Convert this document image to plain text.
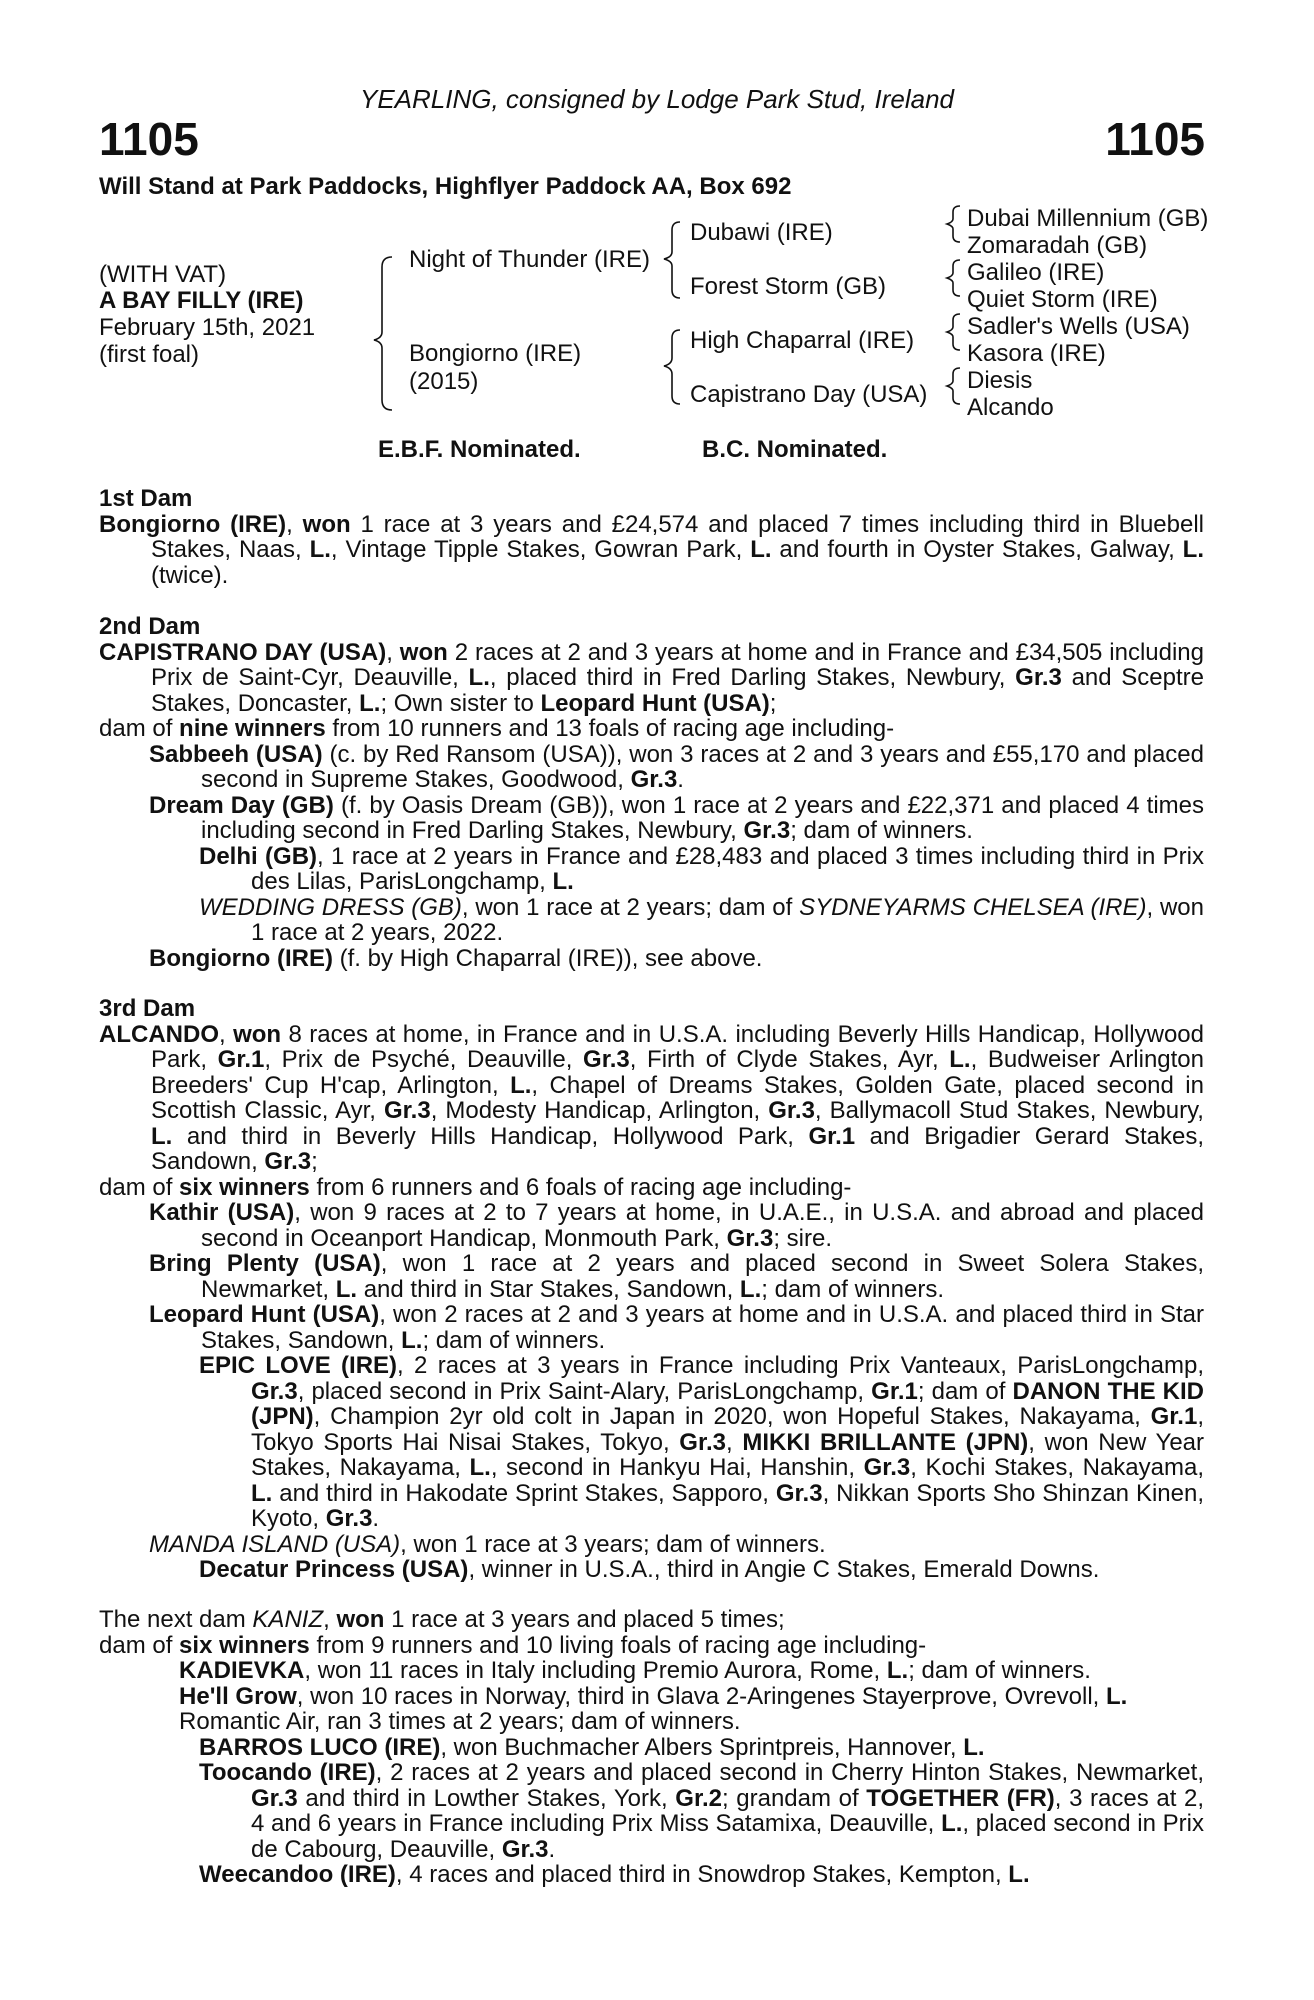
YEARLING, consigned by Lodge Park Stud, Ireland
1105	1105
Will Stand at Park Paddocks, Highflyer Paddock AA, Box 692
(WITH VAT)
A BAY FILLY (IRE)
February 15th, 2021
(first foal)
Night of Thunder (IRE)
Bongiorno (IRE)
(2015)
Dubawi (IRE)
Forest Storm (GB)
High Chaparral (IRE)
Capistrano Day (USA)
Dubai Millennium (GB)
Zomaradah (GB)
Galileo (IRE)
Quiet Storm (IRE)
Sadler's Wells (USA)
Kasora (IRE)
Diesis
Alcando
E.B.F. Nominated.	B.C. Nominated.
1st Dam

Bongiorno (IRE), won 1 race at 3 years and £24,574 and placed 7 times including third in Bluebell Stakes, Naas, L., Vintage Tipple Stakes, Gowran Park, L. and fourth in Oyster Stakes, Galway, L. (twice).

2nd Dam

CAPISTRANO DAY (USA), won 2 races at 2 and 3 years at home and in France and £34,505 including Prix de Saint-Cyr, Deauville, L., placed third in Fred Darling Stakes, Newbury, Gr.3 and Sceptre Stakes, Doncaster, L.; Own sister to Leopard Hunt (USA);

dam of nine winners from 10 runners and 13 foals of racing age including-

Sabbeeh (USA) (c. by Red Ransom (USA)), won 3 races at 2 and 3 years and £55,170 and placed second in Supreme Stakes, Goodwood, Gr.3.

Dream Day (GB) (f. by Oasis Dream (GB)), won 1 race at 2 years and £22,371 and placed 4 times including second in Fred Darling Stakes, Newbury, Gr.3; dam of winners.

Delhi (GB), 1 race at 2 years in France and £28,483 and placed 3 times including third in Prix des Lilas, ParisLongchamp, L.

WEDDING DRESS (GB), won 1 race at 2 years; dam of SYDNEYARMS CHELSEA (IRE), won 1 race at 2 years, 2022.

Bongiorno (IRE) (f. by High Chaparral (IRE)), see above.

3rd Dam

ALCANDO, won 8 races at home, in France and in U.S.A. including Beverly Hills Handicap, Hollywood Park, Gr.1, Prix de Psyché, Deauville, Gr.3, Firth of Clyde Stakes, Ayr, L., Budweiser Arlington Breeders' Cup H'cap, Arlington, L., Chapel of Dreams Stakes, Golden Gate, placed second in Scottish Classic, Ayr, Gr.3, Modesty Handicap, Arlington, Gr.3, Ballymacoll Stud Stakes, Newbury, L. and third in Beverly Hills Handicap, Hollywood Park, Gr.1 and Brigadier Gerard Stakes, Sandown, Gr.3;

dam of six winners from 6 runners and 6 foals of racing age including-

Kathir (USA), won 9 races at 2 to 7 years at home, in U.A.E., in U.S.A. and abroad and placed second in Oceanport Handicap, Monmouth Park, Gr.3; sire.

Bring Plenty (USA), won 1 race at 2 years and placed second in Sweet Solera Stakes, Newmarket, L. and third in Star Stakes, Sandown, L.; dam of winners.

Leopard Hunt (USA), won 2 races at 2 and 3 years at home and in U.S.A. and placed third in Star Stakes, Sandown, L.; dam of winners.

EPIC LOVE (IRE), 2 races at 3 years in France including Prix Vanteaux, ParisLongchamp, Gr.3, placed second in Prix Saint-Alary, ParisLongchamp, Gr.1; dam of DANON THE KID (JPN), Champion 2yr old colt in Japan in 2020, won Hopeful Stakes, Nakayama, Gr.1, Tokyo Sports Hai Nisai Stakes, Tokyo, Gr.3, MIKKI BRILLANTE (JPN), won New Year Stakes, Nakayama, L., second in Hankyu Hai, Hanshin, Gr.3, Kochi Stakes, Nakayama, L. and third in Hakodate Sprint Stakes, Sapporo, Gr.3, Nikkan Sports Sho Shinzan Kinen, Kyoto, Gr.3.

MANDA ISLAND (USA), won 1 race at 3 years; dam of winners.

Decatur Princess (USA), winner in U.S.A., third in Angie C Stakes, Emerald Downs.

The next dam KANIZ, won 1 race at 3 years and placed 5 times;

dam of six winners from 9 runners and 10 living foals of racing age including-

KADIEVKA, won 11 races in Italy including Premio Aurora, Rome, L.; dam of winners.

He'll Grow, won 10 races in Norway, third in Glava 2-Aringenes Stayerprove, Ovrevoll, L.

Romantic Air, ran 3 times at 2 years; dam of winners.

BARROS LUCO (IRE), won Buchmacher Albers Sprintpreis, Hannover, L.

Toocando (IRE), 2 races at 2 years and placed second in Cherry Hinton Stakes, Newmarket, Gr.3 and third in Lowther Stakes, York, Gr.2; grandam of TOGETHER (FR), 3 races at 2, 4 and 6 years in France including Prix Miss Satamixa, Deauville, L., placed second in Prix de Cabourg, Deauville, Gr.3.

Weecandoo (IRE), 4 races and placed third in Snowdrop Stakes, Kempton, L.
